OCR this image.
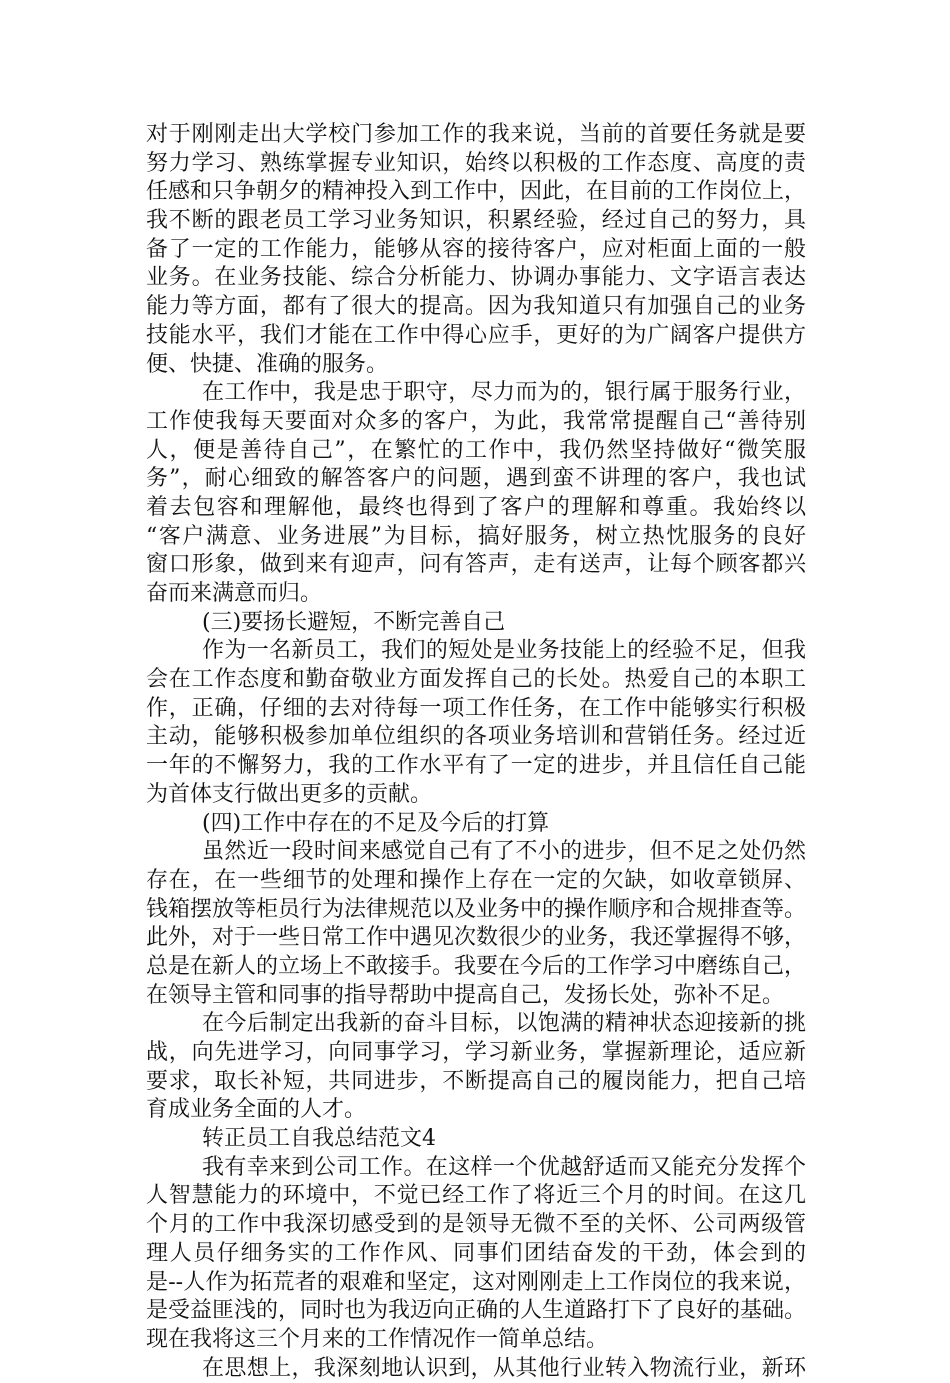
对于刚刚走出大学校门参加工作的我来说，当前的首要任务就是要
努力学习、熟练掌握专业知识，始终以积极的工作态度、高度的责
任感和只争朝夕的精神投入到工作中，因此，在目前的工作岗位上，
我不断的跟老员工学习业务知识，积累经验，经过自己的努力，具
备了一定的工作能力，能够从容的接待客户，应对柜面上面的一般
业务。在业务技能、综合分析能力、协调办事能力、文字语言表达
能力等方面，都有了很大的提高。因为我知道只有加强自己的业务
技能水平，我们才能在工作中得心应手，更好的为广阔客户提供方
便、快捷、准确的服务。
在工作中，我是忠于职守，尽力而为的，银行属于服务行业，
工作使我每天要面对众多的客户，为此，我常常提醒自己“善待别
人，便是善待自己”，在繁忙的工作中，我仍然坚持做好“微笑服
务”，耐心细致的解答客户的问题，遇到蛮不讲理的客户，我也试
着去包容和理解他，最终也得到了客户的理解和尊重。我始终以
“客户满意、业务进展”为目标，搞好服务，树立热忱服务的良好
窗口形象，做到来有迎声，问有答声，走有送声，让每个顾客都兴
奋而来满意而归。
(三)要扬长避短，不断完善自己
作为一名新员工，我们的短处是业务技能上的经验不足，但我
会在工作态度和勤奋敬业方面发挥自己的长处。热爱自己的本职工
作，正确，仔细的去对待每一项工作任务，在工作中能够实行积极
主动，能够积极参加单位组织的各项业务培训和营销任务。经过近
一年的不懈努力，我的工作水平有了一定的进步，并且信任自己能
为首体支行做出更多的贡献。
(四)工作中存在的不足及今后的打算
虽然近一段时间来感觉自己有了不小的进步，但不足之处仍然
存在，在一些细节的处理和操作上存在一定的欠缺，如收章锁屏、
钱箱摆放等柜员行为法律规范以及业务中的操作顺序和合规排查等。
此外，对于一些日常工作中遇见次数很少的业务，我还掌握得不够，
总是在新人的立场上不敢接手。我要在今后的工作学习中磨练自己，
在领导主管和同事的指导帮助中提高自己，发扬长处，弥补不足。
在今后制定出我新的奋斗目标，以饱满的精神状态迎接新的挑
战，向先进学习，向同事学习，学习新业务，掌握新理论，适应新
要求，取长补短，共同进步，不断提高自己的履岗能力，把自己培
育成业务全面的人才。
转正员工自我总结范文4
我有幸来到公司工作。在这样一个优越舒适而又能充分发挥个
人智慧能力的环境中，不觉已经工作了将近三个月的时间。在这几
个月的工作中我深切感受到的是领导无微不至的关怀、公司两级管
理人员仔细务实的工作作风、同事们团结奋发的干劲，体会到的
是--人作为拓荒者的艰难和坚定，这对刚刚走上工作岗位的我来说，
是受益匪浅的，同时也为我迈向正确的人生道路打下了良好的基础。
现在我将这三个月来的工作情况作一简单总结。
在思想上，我深刻地认识到，从其他行业转入物流行业，新环
